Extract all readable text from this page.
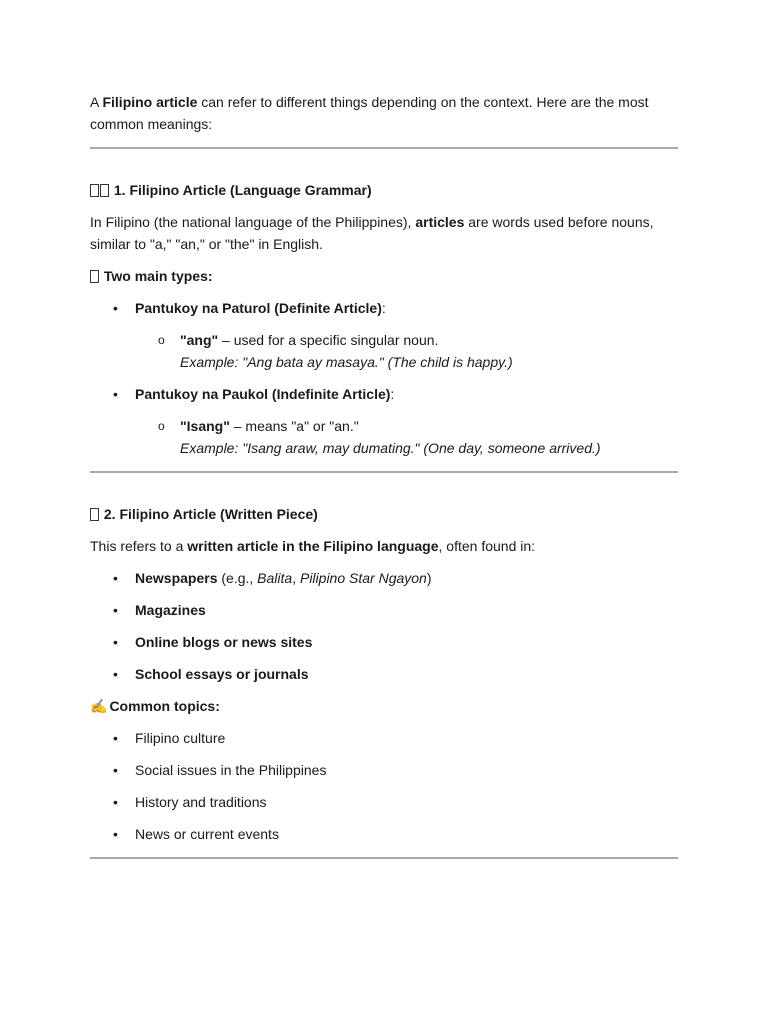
A Filipino article can refer to different things depending on the context. Here are the most common meanings:

1. Filipino Article (Language Grammar)

In Filipino (the national language of the Philippines), articles are words used before nouns, similar to "a," "an," or "the" in English.

Two main types:
• Pantukoy na Paturol (Definite Article):
o "ang" – used for a specific singular noun.
Example: "Ang bata ay masaya." (The child is happy.)
• Pantukoy na Paukol (Indefinite Article):
o "Isang" – means "a" or "an."
Example: "Isang araw, may dumating." (One day, someone arrived.)
2. Filipino Article (Written Piece)

This refers to a written article in the Filipino language, often found in:

• Newspapers (e.g., Balita, Pilipino Star Ngayon)
• Magazines
• Online blogs or news sites
• School essays or journals
✍ Common topics:
• Filipino culture
• Social issues in the Philippines
• History and traditions
• News or current events
